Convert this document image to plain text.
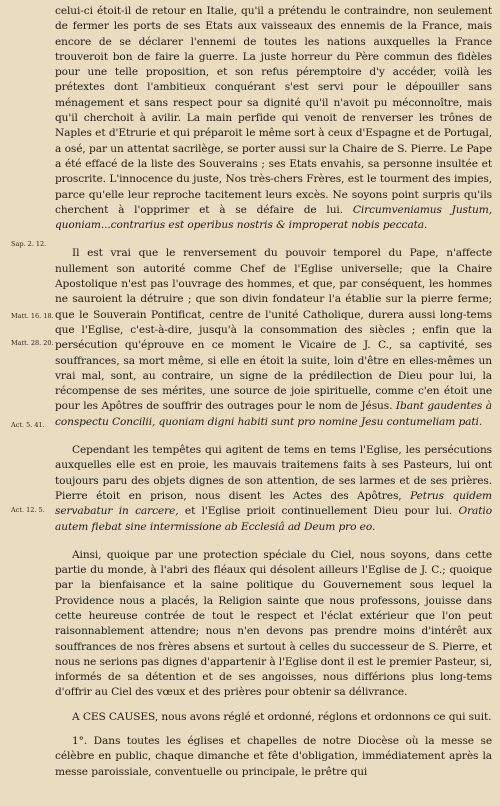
Sap. 2. 12.
Matt. 16. 18.
Matt. 28. 20.
Act. 5. 41.
Act. 12. 5.

celui-ci étoit-il de retour en Italie, qu'il a prétendu le contraindre, non seulement de fermer les ports de ses Etats aux vaisseaux des ennemis de la France, mais encore de se déclarer l'ennemi de toutes les nations auxquelles la France trouveroit bon de faire la guerre. La juste horreur du Père commun des fidèles pour une telle proposition, et son refus péremptoire d'y accéder, voilà les prétextes dont l'ambitieux conquérant s'est servi pour le dépouiller sans ménagement et sans respect pour sa dignité qu'il n'avoit pu méconnoître, mais qu'il cherchoit à avilir. La main perfide qui venoit de renverser les trônes de Naples et d'Etrurie et qui préparoit le même sort à ceux d'Espagne et de Portugal, a osé, par un attentat sacrilège, se porter aussi sur la Chaire de S. Pierre. Le Pape a été effacé de la liste des Souverains ; ses Etats envahis, sa personne insultée et proscrite. L'innocence du juste, Nos très-chers Frères, est le tourment des impies, parce qu'elle leur reproche tacitement leurs excès. Ne soyons point surpris qu'ils cherchent à l'opprimer et à se défaire de lui. Circumveniamus Justum, quoniam...contrarius est operibus nostris & improperat nobis peccata.

Il est vrai que le renversement du pouvoir temporel du Pape, n'affecte nullement son autorité comme Chef de l'Eglise universelle; que la Chaire Apostolique n'est pas l'ouvrage des hommes, et que, par conséquent, les hommes ne sauroient la détruire ; que son divin fondateur l'a établie sur la pierre ferme; que le Souverain Pontificat, centre de l'unité Catholique, durera aussi long-tems que l'Eglise, c'est-à-dire, jusqu'à la consommation des siècles ; enfin que la persécution qu'éprouve en ce moment le Vicaire de J. C., sa captivité, ses souffrances, sa mort même, si elle en étoit la suite, loin d'être en elles-mêmes un vrai mal, sont, au contraire, un signe de la prédilection de Dieu pour lui, la récompense de ses mérites, une source de joie spirituelle, comme c'en étoit une pour les Apôtres de souffrir des outrages pour le nom de Jésus. Ibant gaudentes à conspectu Concilii, quoniam digni habiti sunt pro nomine Jesu contumeliam pati.

Cependant les tempêtes qui agitent de tems en tems l'Eglise, les persécutions auxquelles elle est en proie, les mauvais traitemens faits à ses Pasteurs, lui ont toujours paru des objets dignes de son attention, de ses larmes et de ses prières. Pierre étoit en prison, nous disent les Actes des Apôtres, Petrus quidem servabatur in carcere, et l'Eglise prioit continuellement Dieu pour lui. Oratio autem fiebat sine intermissione ab Ecclesiâ ad Deum pro eo.

Ainsi, quoique par une protection spéciale du Ciel, nous soyons, dans cette partie du monde, à l'abri des fléaux qui désolent ailleurs l'Eglise de J. C.; quoique par la bienfaisance et la saine politique du Gouvernement sous lequel la Providence nous a placés, la Religion sainte que nous professons, jouisse dans cette heureuse contrée de tout le respect et l'éclat extérieur que l'on peut raisonnablement attendre; nous n'en devons pas prendre moins d'intérêt aux souffrances de nos frères absens et surtout à celles du successeur de S. Pierre, et nous ne serions pas dignes d'appartenir à l'Eglise dont il est le premier Pasteur, si, informés de sa détention et de ses angoisses, nous différions plus long-tems d'offrir au Ciel des vœux et des prières pour obtenir sa délivrance.

A CES CAUSES, nous avons réglé et ordonné, réglons et ordonnons ce qui suit.

1°. Dans toutes les églises et chapelles de notre Diocèse où la messe se célèbre en public, chaque dimanche et fête d'obligation, immédiatement après la messe paroissiale, conventuelle ou principale, le prêtre qui
